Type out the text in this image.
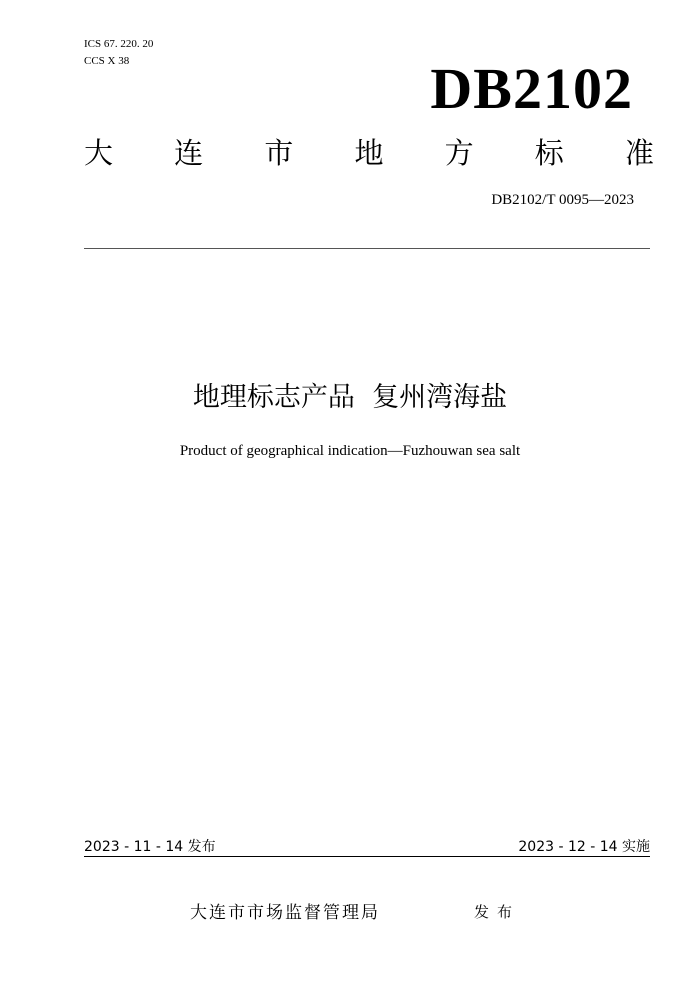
ICS 67. 220. 20
CCS X 38	DB2102
大 连 市 地 方 标 准
DB2102/T 0095—2023
地理标志产品  复州湾海盐
Product of geographical indication—Fuzhouwan sea salt
2023 - 11 - 14 发布	2023 - 12 - 14 实施
大连市市场监督管理局	发布
